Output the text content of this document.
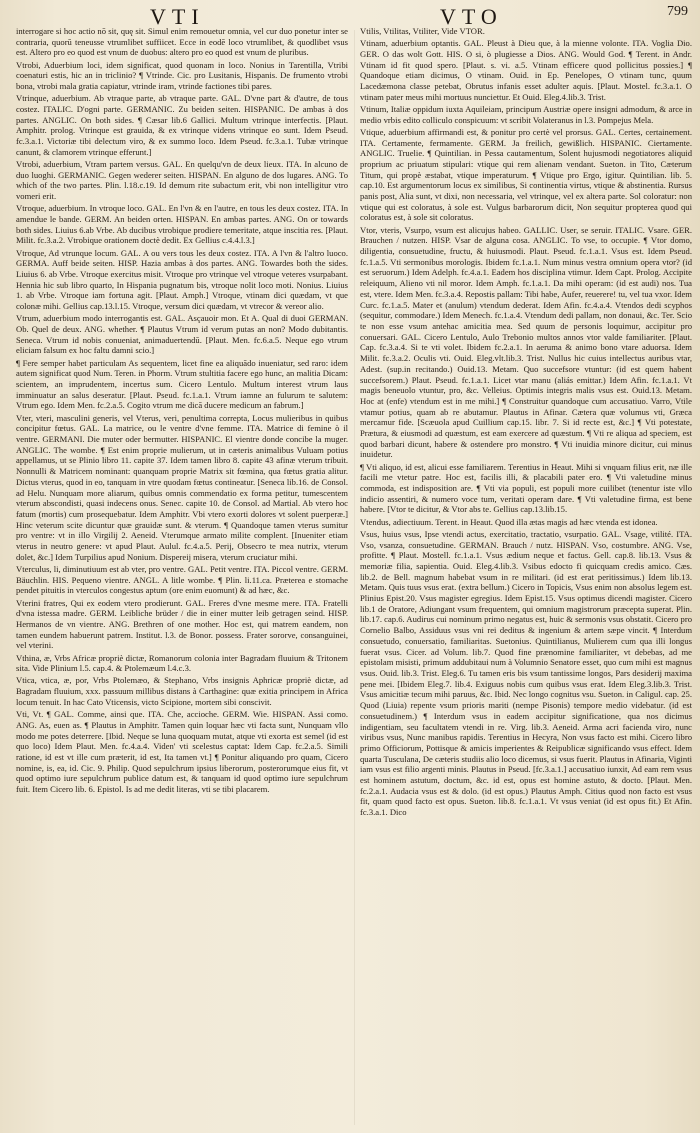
VTI	VTO	799

interrogare si hoc actio nō sit, quę sit. Simul enim remouetur omnia, vel cur duo ponetur inter se contraria, quorū teneusse vtrumlibet suffiicet. Ecce in eodē loco vtrumlibet, & quodlibet vsus est. Altero pro eo quod est vnum de duobus: altero pro eo quod est vnum de pluribus.

Vtrobi, Aduerbium loci, idem significat, quod quonam in loco. Nonius in Tarentilla, Vtribi coenaturi estis, hic an in triclinio? ¶ Vtrinde. Cic. pro Lusitanis, Hispanis. De frumento vtrobi bona, vtrobi mala gratia capiatur, vtrinde iram, vtrinde factiones tibi pares.

Vtrinque, aduerbium. Ab vtraque parte, ab vtraque parte. GAL. D'vne part & d'autre, de tous costez. ITALIC. D'ogni parte. GERMANIC. Zu beiden seiten. HISPANIC. De ambas à dos partes. ANGLIC. On both sides. ¶ Cæsar lib.6 Gallici. Multum vtrinque interfectis. [Plaut. Amphitr. prolog. Vtrinque est grauida, & ex vtrinque videns vtrinque eo sunt. Idem Pseud. fc.3.a.1. Victoriæ tibi delectum viro, & ex summo loco. Idem Pseud. fc.3.a.1. Tubæ vtrinque canunt, & clamorem vtrinque efferunt.]

Vtrobi, aduerbium, Vtram partem versus. GAL. En quelqu'vn de deux lieux. ITA. In alcuno de duo luoghi. GERMANIC. Gegen wederer seiten. HISPAN. En alguno de dos lugares. ANG. To which of the two partes. Plin. l.18.c.19. Id demum rite subactum erit, vbi non intelligitur vtro vomeri erit.

Vtroque, aduerbium. In vtroque loco. GAL. En l'vn & en l'autre, en tous les deux costez. ITA. In amendue le bande. GERM. An beiden orten. HISPAN. En ambas partes. ANG. On or towards both sides. Liuius 6.ab Vrbe. Ab ducibus vtrobique prodiere temeritate, atque inscitia res. [Plaut. Milit. fc.3.a.2. Vtrobique orationem doctè dedit. Ex Gellius c.4.4.l.3.]

Vtroque, Ad vtrunque locum. GAL. A ou vers tous les deux costez. ITA. A l'vn & l'altro luoco. GERMA. Auff beide seiten. HISP. Hazia ambas à dos partes. ANG. Towardes both the sides. Liuius 6. ab Vrbe. Vtroque exercitus misit. Vtroque pro vtrinque vel vtroque veteres vsurpabant. Hennia hic sub libro quarto, In Hispania pugnatum bis, vtroque nolit loco moti. Nonius. Liuius 1. ab Vrbe. Vtroque iam fortuna agit. [Plaut. Amph.] Vtroque, vtinam dici quædam, vt que colonæ mihi. Gellius cap.13.l.15. Vtroque, versum dici quædam, vt vtrecor & vereor alio.

Vtrum, aduerbium modo interrogantis est. GAL. Asçauoir mon. Et A. Qual di duoi GERMAN. Ob. Quel de deux. ANG. whether. ¶ Plautus Vtrum id verum putas an non? Modo dubitantis. Seneca. Vtrum id nobis conueniat, animaduertendū. [Plaut. Men. fc.6.a.5. Neque ego vtrum eliciam falsum ex hoc faltu damni scio.]

¶ Fere semper habet particulam As sequentem, licet fine ea aliquādo inueniatur, sed raro: idem autem significat quod Num. Teren. in Phorm. Vtrum stultitia facere ego hunc, an malitia Dicam: scientem, an imprudentem, incertus sum. Cicero Lentulo. Multum interest vtrum laus imminuatur an salus deseratur. [Plaut. Pseud. fc.1.a.1. Vtrum iamne an fulurum te salutem: Vtrum ego. Idem Men. fc.2.a.5. Cogito vtrum me dicā ducere medicum an fabrum.]

Vter, vteri, masculini generis, vel Vterus, veri, penultima correpta, Locus mulieribus in quibus concipitur fœtus. GAL. La matrice, ou le ventre d'vne femme. ITA. Matrice di femine ò il ventre. GERMANI. Die muter oder bermutter. HISPANIC. El vientre donde concibe la muger. ANGLIC. The wombe. ¶ Est enim proprie mulierum, ut in cæteris animalibus Vuluam potius appellamus, ut se Plinio libro 11. capite 37. Idem tamen libro 8. capite 43 afinæ vterum tribuit. Nonnulli & Matricem nominant: quanquam proprie Matrix sit fœmina, qua fœtus gratia alitur. Dictus vterus, quod in eo, tanquam in vtre quodam fœtus contineatur. [Seneca lib.16. de Consol. ad Helu. Nunquam more aliarum, quibus omnis commendatio ex forma petitur, tumescentem vterum abscondisti, quasi indecens onus. Senec. capite 10. de Consol. ad Martial. Ab vtero hoc fatum (mortis) cum prosequebatur. Idem Amphitr. Vbi vtero exorti dolores vt solent puerperæ.] Hinc veterum scite dicuntur quæ grauidæ sunt. & vterum. ¶ Quandoque tamen vterus sumitur pro ventre: vt in illo Virgilij 2. Aeneid. Vterumque armato milite complent. [Inueniter etiam vterus in neutro genere: vt apud Plaut. Aulul. fc.4.a.5. Perij, Obsecro te mea nutrix, vterum dolet, &c.] Idem Turpilius apud Nonium. Dispereij misera, vterum cruciatur mihi.

Vterculus, li, diminutiuum est ab vter, pro ventre. GAL. Petit ventre. ITA. Piccol ventre. GERM. Bäuchlin. HIS. Pequeno vientre. ANGL. A litle wombe. ¶ Plin. li.11.ca. Præterea e stomache pendet pituitis in vterculos congestus aptum (ore enim euomunt) & ad hæc, &c.

Vterini fratres, Qui ex eodem vtero prodierunt. GAL. Freres d'vne mesme mere. ITA. Fratelli d'vna istessa madre. GERM. Leibliche brüder / die in einer mutter leib getragen seind. HISP. Hermanos de vn vientre. ANG. Brethren of one mother. Hoc est, qui matrem eandem, non tamen eundem habuerunt patrem. Institut. l.3. de Bonor. possess. Frater sororve, consanguinei, vel vterini.

Vthina, æ, Vrbs Africæ propriè dictæ, Romanorum colonia inter Bagradam fluuium & Tritonem sita. Vide Plinium l.5. cap.4. & Ptolemæum l.4.c.3.

Vtica, vtica, æ, por, Vrbs Ptolemæo, & Stephano, Vrbs insignis Aphricæ propriè dictæ, ad Bagradam fluuium, xxx. passuum millibus distans à Carthagine: quæ exitia principem in Africa locum tenuit. In hac Cato Vticensis, victo Scipione, mortem sibi conscivit.

Vti, Vt. ¶ GAL. Comme, ainsi que. ITA. Che, accioche. GERM. Wie. HISPAN. Assi como. ANG. As, euen as. ¶ Plautus in Amphitr. Tamen quin loquar hæc vti facta sunt, Nunquam vllo modo me potes deterrere. [Ibid. Neque se luna quoquam mutat, atque vti exorta est semel (id est quo loco) Idem Plaut. Men. fc.4.a.4. Viden' vti scelestus captat: Idem Cap. fc.2.a.5. Simili ratione, id est vt ille cum præterit, id est, Ita tamen vt.] ¶ Ponitur aliquando pro quam, Cicero nomine, is, ea, id. Cic. 9. Philip. Quod sepulchrum ipsius liberorum, posterorumque eius fit, vt quod optimo iure sepulchrum publice datum est, & tanquam id quod optimo iure sepulchrum fuit. Item Cicero lib. 6. Epistol. Is ad me dedit literas, vti se tibi placarem.

Vtilis, Vtilitas, Vtiliter, Vide VTOR.

Vtinam, aduerbium optantis. GAL. Pleust à Dieu que, à la mienne volonte. ITA. Voglia Dio. GER. O das wolt Gott. HIS. O si, ò plugiesse a Dios. ANG. Would God. ¶ Terent. in Andr. Vtinam id fit quod spero. [Plaut. s. vi. a.5. Vtinam efficere quod pollicitus possies.] ¶ Quandoque etiam dicimus, O vtinam. Ouid. in Ep. Penelopes, O vtinam tunc, quum Lacedæmona classe petebat, Obrutus infanis esset adulter aquis. [Plaut. Mostel. fc.3.a.1. O vtinam pater meus mihi mortuus nunciettur. Et Ouid. Eleg.4.lib.3. Trist.

Vtinum, Italiæ oppidum iuxta Aquileiam, principum Austriæ opere insigni admodum, & arce in medio vrbis edito colliculo conspicuum: vt scribit Volateranus in l.3. Pompejus Mela.

Vtique, aduerbium affirmandi est, & ponitur pro certè vel prorsus. GAL. Certes, certainement. ITA. Certamente, fermamente. GERM. Ja freilich, gewißlich. HISPANIC. Ciertamente. ANGLIC. Truelie. ¶ Quintilian. in Pessa cautamentum, Solent hujusmodi negotiatores aliquid proprium ac priuatum stipulari: vtique qui rem alienam vendant. Sueton. in Tito, Cæterum Titum, qui propè æstabat, vtique imperaturum. ¶ Vtique pro Ergo, igitur. Quintilian. lib. 5. cap.10. Est argumentorum locus ex similibus, Si continentia virtus, vtique & abstinentia. Rursus panis post, Alia sunt, vt dixi, non necessaria, vel vtrinque, vel ex altera parte. Sol coloratur: non vtique qui est coloratus, à sole est. Vulgus barbarorum dicit, Non sequitur propterea quod qui coloratus est, à sole sit coloratus.

Vtor, vteris, Vsurpo, vsum est alicujus habeo. GALLIC. User, se seruir. ITALIC. Vsare. GER. Brauchen / nutzen. HISP. Vsar de alguna cosa. ANGLIC. To vse, to occupie. ¶ Vtor domo, diligentia, consuetudine, fructu, & huiusmodi. Plaut. Pseud. fc.1.a.1. Vsus est. Idem Pseud. fc.1.a.5. Vti sermonibus morologis. Ibidem fc.1.a.1. Num minus vestra omnium opera vtor? (id est seruorum.) Idem Adelph. fc.4.a.1. Eadem hos disciplina vtimur. Idem Capt. Prolog. Accipite releiquum, Alieno vti nil moror. Idem Amph. fc.1.a.1. Da mihi operam: (id est audi) nos. Tua est, vtere. Idem Men. fc.3.a.4. Repostis pallam: Tibi habe, Aufer, reuerere! tu, vel tua vxor. Idem Curc. fc.1.a.5. Mater et (anulum) vtendum dederat. Idem Afin. fc.4.a.4. Vtendos dedi scyphos (sequitur, commodare.) Idem Menech. fc.1.a.4. Vtendum dedi pallam, non donaui, &c. Ter. Scio te non esse vsum antehac amicitia mea. Sed quum de personis loquimur, accipitur pro conuersari. GAL. Cicero Lentulo, Aulo Trebonio multos annos vtor valde familiariter. [Plaut. Cap. fc.3.a.4. Si te vti volet. Ibidem fc.2.a.1. In aeruma & animo bono vtare aduorsa. Idem Milit. fc.3.a.2. Oculis vti. Ouid. Eleg.vlt.lib.3. Trist. Nullus hic cuius intellectus auribus vtar, Adest. (sup.in recitando.) Ouid.13. Metam. Quo succefsore vtuntur: (id est quem habent succefsorem.) Plaut. Pseud. fc.1.a.1. Licet vtar manu (aliás emittar.) Idem Afin. fc.1.a.1. Vt magis beneuolo vtuntur, pro, &c. Velleius. Optimis integris malis vsus est. Ouid.13. Metam. Hoc at (enfe) vtendum est in me mihi.] ¶ Construitur quandoque cum accusatiuo. Varro, Vtile vtamur potius, quam ab re abutamur. Plautus in Afinar. Cætera quæ volumus vti, Græca mercamur fide. [Scæuola apud Cuillium cap.15. libr. 7. Si id recte est, &c.] ¶ Vti potestate, Prætura, & eiusmodi ad quæstum, est eam exercere ad quæstum. ¶ Vti re aliqua ad speciem, est quod barbari dicunt, habere & ostendere pro monstro. ¶ Vti inuidia minore dicitur, cui minus inuidetur.

¶ Vti aliquo, id est, alicui esse familiarem. Terentius in Heaut. Mihi si vnquam filius erit, næ ille facili me vtetur patre. Hoc est, facilis illi, & placabili pater ero. ¶ Vti valetudine minus commoda, est indisposition are. ¶ Vti via populi, est populi more cuilibet (tenentur iste vllo indicio assentiri, & numero voce tum, veritati operam dare. ¶ Vti valetudine firma, est bene habere. [Vtor te dicitur, & Vtor abs te. Gellius cap.13.lib.15.

Vtendus, adiectiuum. Terent. in Heaut. Quod illa ætas magis ad hæc vtenda est idonea.

Vsus, huius vsus, Ipse vtendi actus, exercitatio, tractatio, vsurpatio. GAL. Vsage, vtilité. ITA. Vso, vsanza, consuetudine. GERMAN. Brauch / nutz. HISPAN. Vso, costumbre. ANG. Vse, profitte. ¶ Plaut. Mostell. fc.1.a.1. Vsus ædium neque et factus. Gell. cap.8. lib.13. Vsus & memoriæ filia, sapientia. Ouid. Eleg.4.lib.3. Vsibus edocto fi quicquam credis amico. Cæs. lib.2. de Bell. magnum habebat vsum in re militari. (id est erat peritissimus.) Idem lib.13. Metam. Quis tuus vsus erat. (extra bellum.) Cicero in Topicis, Vsus enim non absolus legem est. Plinius Epist.20. Vsus magister egregius. Idem Epist.15. Vsus optimus dicendi magister. Cicero lib.1 de Oratore, Adiungant vsum frequentem, qui omnium magistrorum præcepta superat. Plin. lib.17. cap.6. Audirus cui nominum primo negatus est, huic & sermonis vsus obstatit. Cicero pro Cornelio Balbo, Assiduus vsus vni rei deditus & ingenium & artem sæpe vincit. ¶ Interdum consuetudo, conuersatio, familiaritas. Suetonius. Quintilianus, Mulierem cum qua illi longus fuerat vsus. Cicer. ad Volum. lib.7. Quod fine prænomine familiariter, vt debebas, ad me epistolam misisti, primum addubitaui num à Volumnio Senatore esset, quo cum mihi est magnus vsus. Ouid. lib.3. Trist. Eleg.6. Tu tamen eris bis vsum tantissime longos, Pars desiderij maxima pene mei. [Ibidem Eleg.7. lib.4. Exiguus nobis cum quibus vsus erat. Idem Eleg.3.lib.3. Trist. Vsus amicitiæ tecum mihi paruus, &c. Ibid. Nec longo cognitus vsu. Sueton. in Caligul. cap. 25. Quod (Liuia) repente vsum prioris mariti (nempe Pisonis) tempore medio videbatur. (id est consuetudinem.) ¶ Interdum vsus in eadem accipitur significatione, qua nos dicimus indigentiam, seu facultatem vtendi in re. Virg. lib.3. Aeneid. Arma acri facienda viro, nunc viribus vsus, Nunc manibus rapidis. Terentius in Hecyra, Non vsus facto est mihi. Cicero libro primo Officiorum, Pottisque & amicis imperientes & Reipublicæ significando vsus effect. Idem quarta Tusculana, De cæteris studiis alio loco dicemus, si vsus fuerit. Plautus in Afinaria, Viginti iam vsus est filio argenti minis. Plautus in Pseud. [fc.3.a.1.] accusatiuo iunxit, Ad eam rem vsus est hominem astutum, doctum, &c. id est, opus est homine astuto, & docto. [Plaut. Men. fc.2.a.1. Audacia vsus est & dolo. (id est opus.) Plautus Amph. Citius quod non facto est vsus fit, quam quod facto est opus. Sueton. lib.8. fc.1.a.1. Vt vsus veniat (id est opus fit.) Et Afin. fc.3.a.1. Dico
